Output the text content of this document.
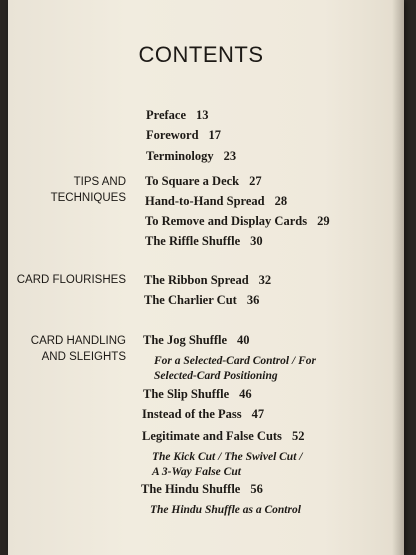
CONTENTS
TIPS AND
TECHNIQUES
CARD FLOURISHES
CARD HANDLING
AND SLEIGHTS
Preface 13
Foreword 17
Terminology 23
To Square a Deck 27
Hand-to-Hand Spread 28
To Remove and Display Cards 29
The Riffle Shuffle 30
The Ribbon Spread 32
The Charlier Cut 36
The Jog Shuffle 40
For a Selected-Card Control / For
Selected-Card Positioning
The Slip Shuffle 46
Instead of the Pass 47
Legitimate and False Cuts 52
The Kick Cut / The Swivel Cut /
A 3-Way False Cut
The Hindu Shuffle 56
The Hindu Shuffle as a Control
